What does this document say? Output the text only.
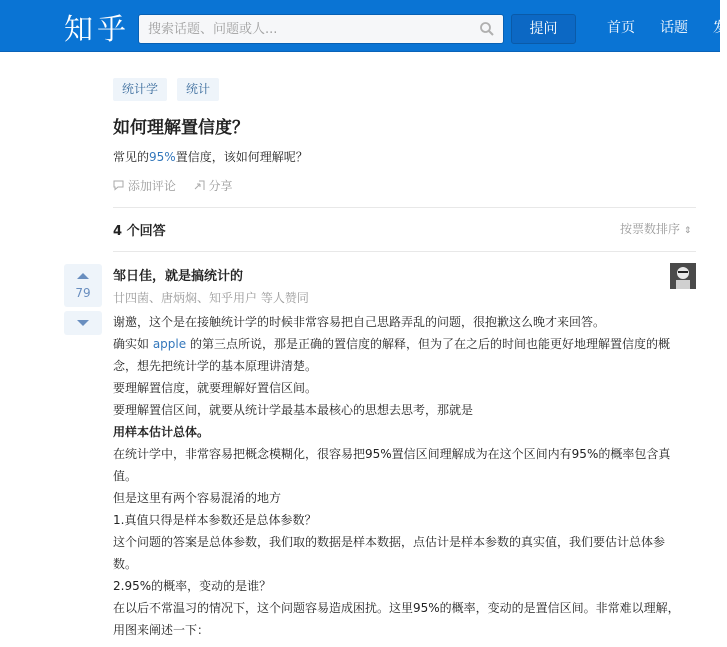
知乎
搜索话题、问题或人...	提问	首页 话题 发
统计学	统计
如何理解置信度？
常见的95%置信度，该如何理解呢？
添加评论	分享
4 个回答	按票数排序 ⇕
79
邹日佳，就是搞统计的
廿四菌、唐炳焖、知乎用户 等人赞同

谢邀，这个是在接触统计学的时候非常容易把自己思路弄乱的问题，很抱歉这么晚才来回答。

确实如 apple 的第三点所说，那是正确的置信度的解释，但为了在之后的时间也能更好地理解置信度的概念，想先把统计学的基本原理讲清楚。

要理解置信度，就要理解好置信区间。

要理解置信区间，就要从统计学最基本最核心的思想去思考，那就是

用样本估计总体。

在统计学中，非常容易把概念模糊化，很容易把95%置信区间理解成为在这个区间内有95%的概率包含真值。

但是这里有两个容易混淆的地方

1.真值只得是样本参数还是总体参数？

这个问题的答案是总体参数，我们取的数据是样本数据，点估计是样本参数的真实值，我们要估计总体参数。

2.95%的概率，变动的是谁？

在以后不常温习的情况下，这个问题容易造成困扰。这里95%的概率，变动的是置信区间。非常难以理解，用图来阐述一下：
